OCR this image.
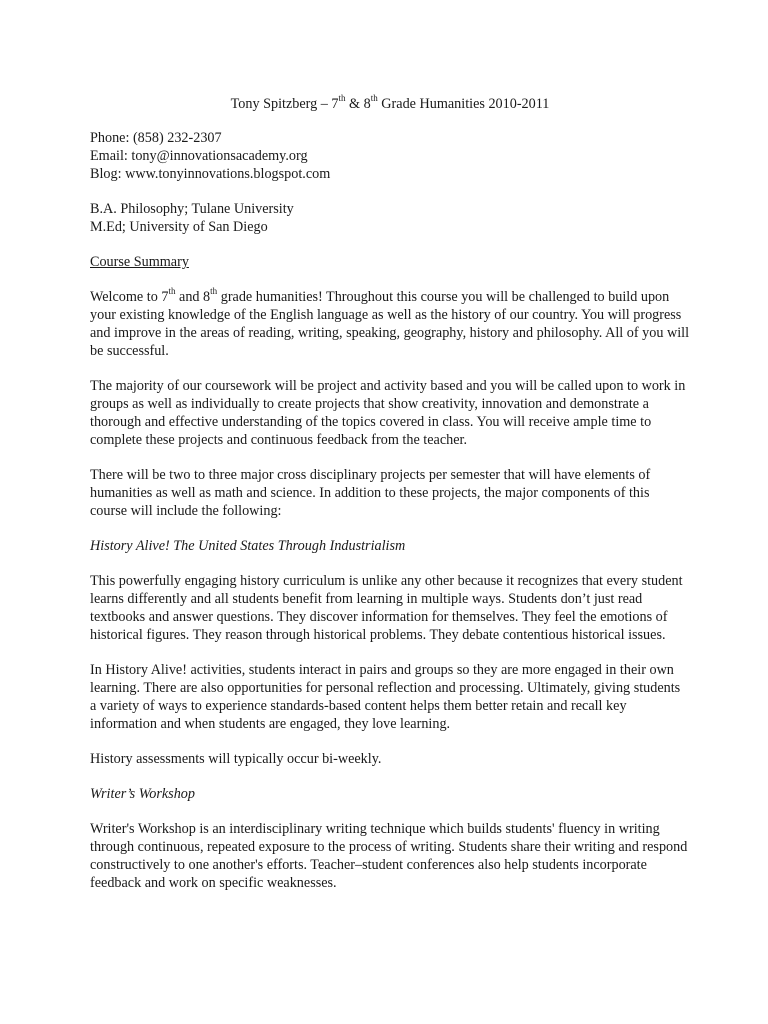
Tony Spitzberg – 7th & 8th Grade Humanities 2010-2011

Phone: (858) 232-2307

Email: tony@innovationsacademy.org

Blog: www.tonyinnovations.blogspot.com

B.A. Philosophy; Tulane University

M.Ed; University of San Diego

Course Summary

Welcome to 7th and 8th grade humanities! Throughout this course you will be challenged to build upon your existing knowledge of the English language as well as the history of our country. You will progress and improve in the areas of reading, writing, speaking, geography, history and philosophy. All of you will be successful.

The majority of our coursework will be project and activity based and you will be called upon to work in groups as well as individually to create projects that show creativity, innovation and demonstrate a thorough and effective understanding of the topics covered in class. You will receive ample time to complete these projects and continuous feedback from the teacher.

There will be two to three major cross disciplinary projects per semester that will have elements of humanities as well as math and science. In addition to these projects, the major components of this course will include the following:

History Alive! The United States Through Industrialism

This powerfully engaging history curriculum is unlike any other because it recognizes that every student learns differently and all students benefit from learning in multiple ways. Students don’t just read textbooks and answer questions. They discover information for themselves. They feel the emotions of historical figures. They reason through historical problems. They debate contentious historical issues.

In History Alive! activities, students interact in pairs and groups so they are more engaged in their own learning. There are also opportunities for personal reflection and processing. Ultimately, giving students a variety of ways to experience standards-based content helps them better retain and recall key information and when students are engaged, they love learning.

History assessments will typically occur bi-weekly.

Writer’s Workshop

Writer's Workshop is an interdisciplinary writing technique which builds students' fluency in writing through continuous, repeated exposure to the process of writing. Students share their writing and respond constructively to one another's efforts. Teacher–student conferences also help students incorporate feedback and work on specific weaknesses.
